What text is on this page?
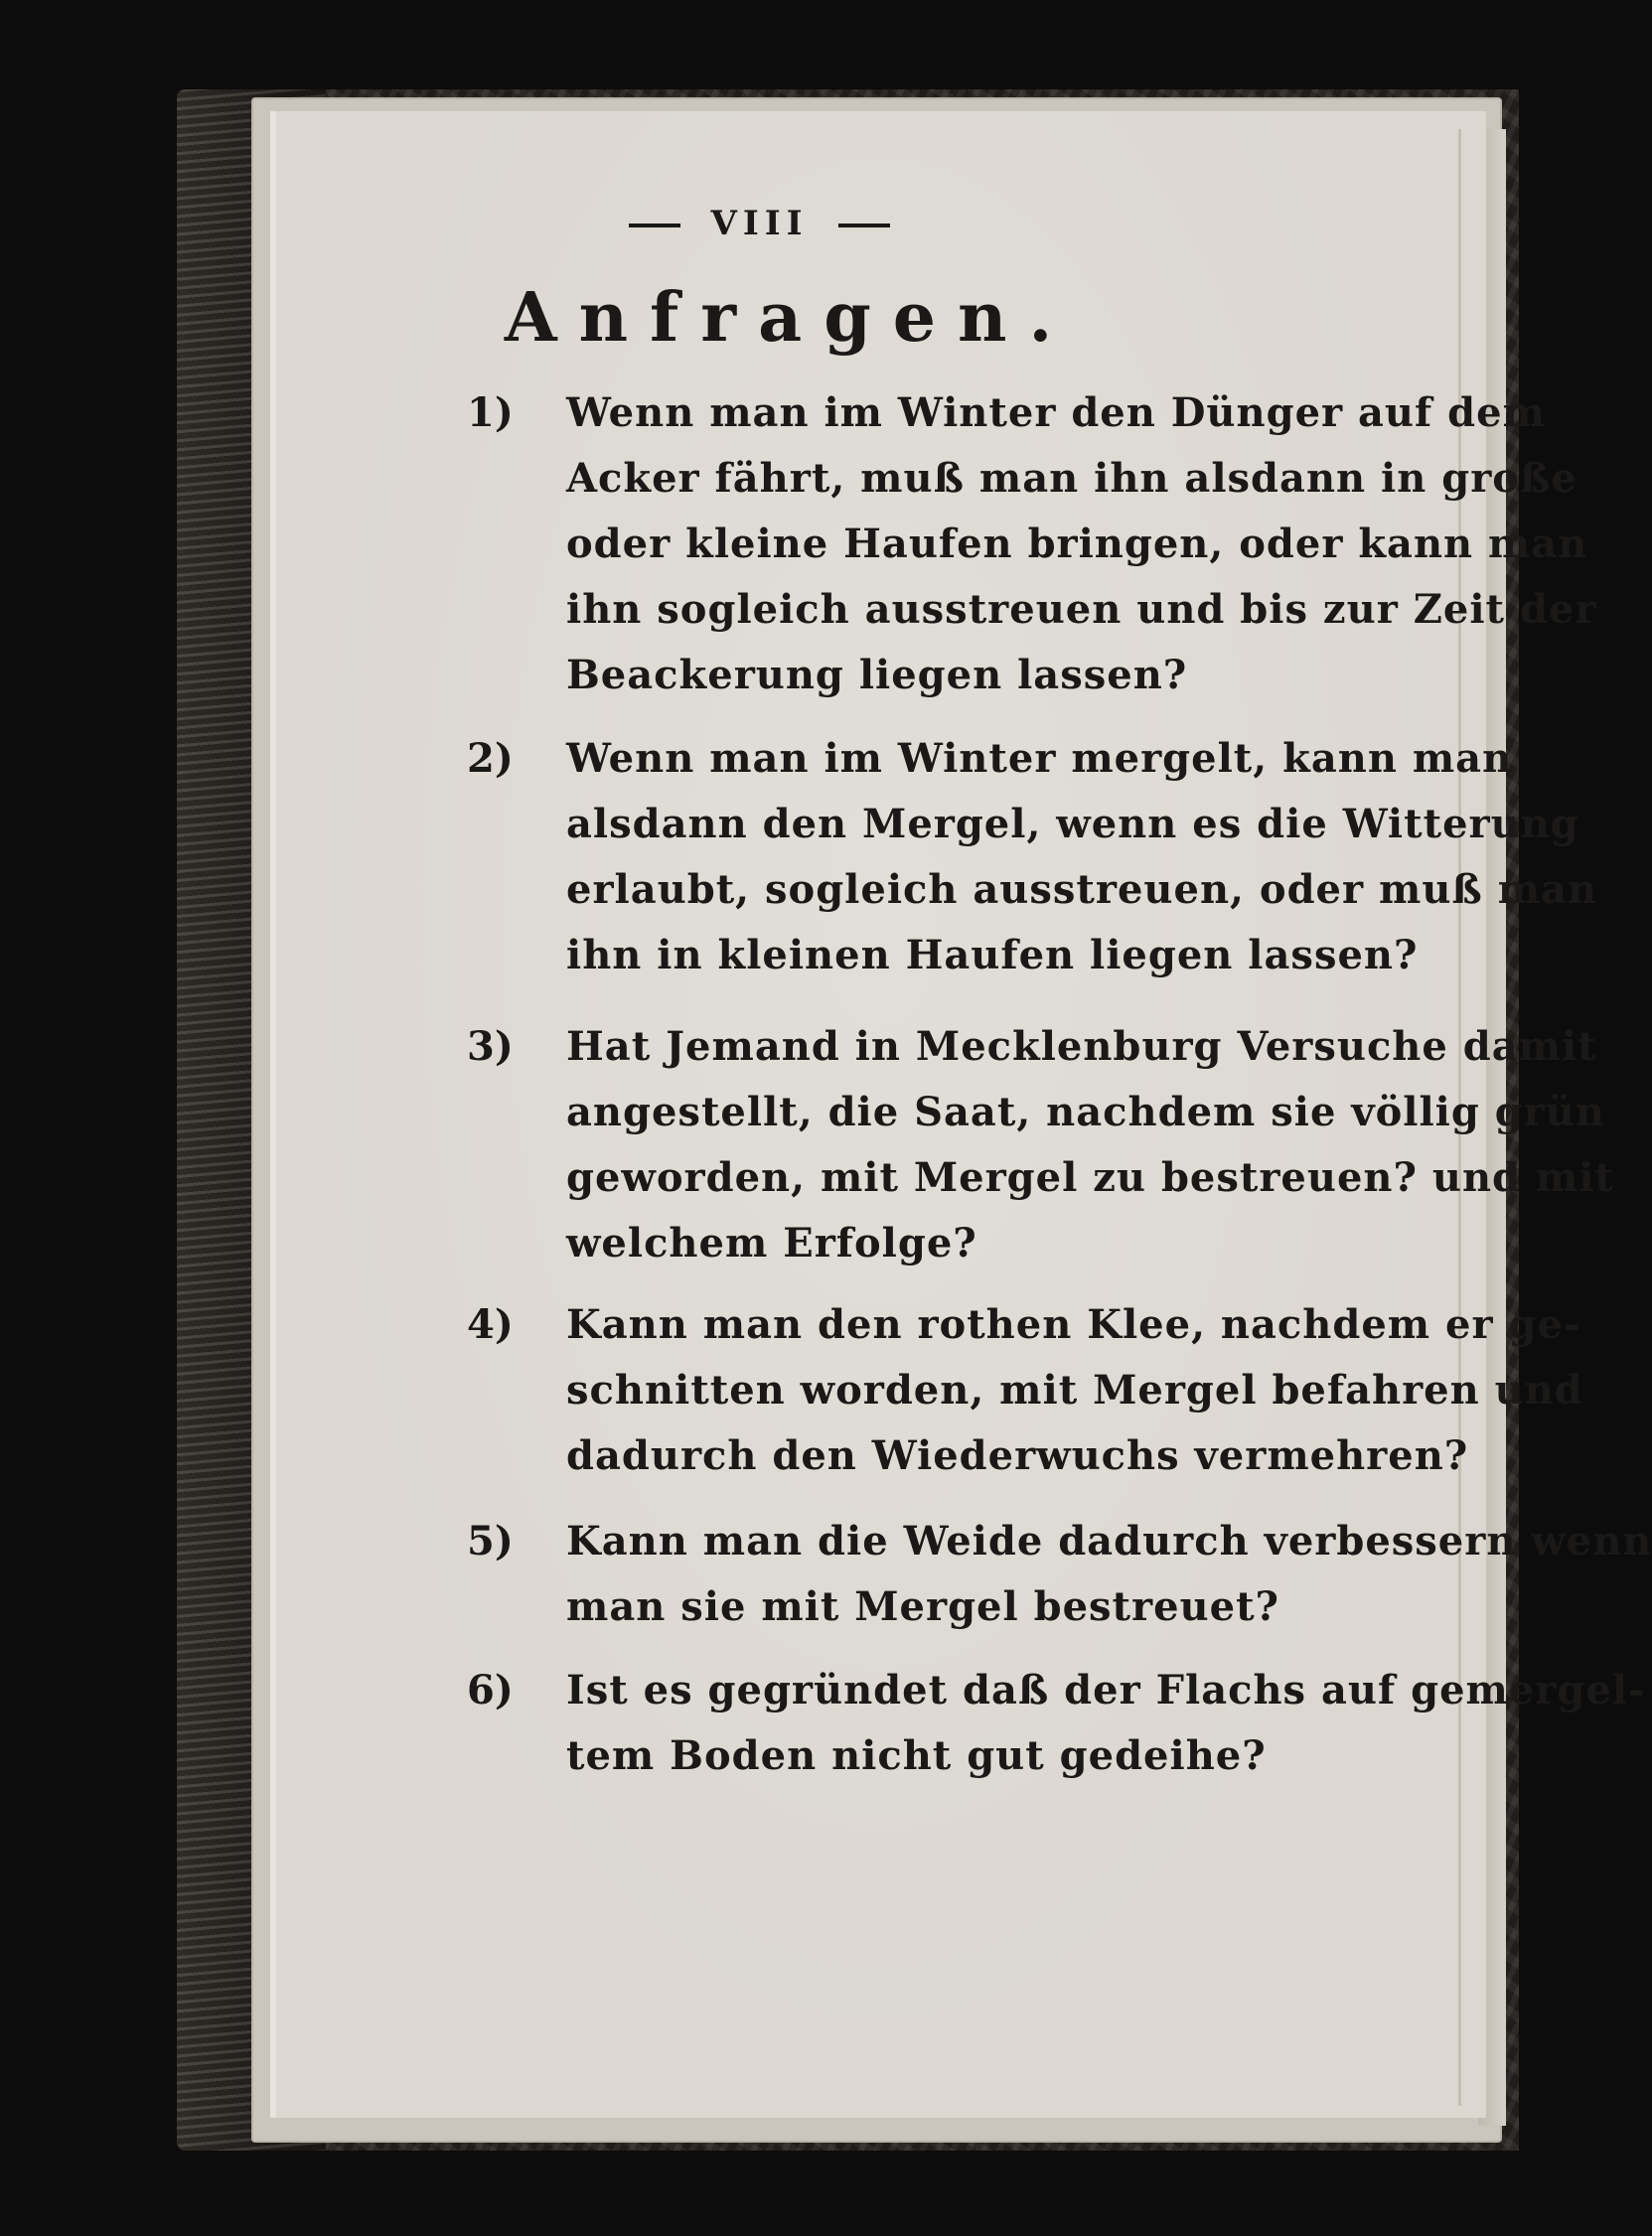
VIII
Anfragen.
1)	Wenn man im Winter den Dünger auf dem
Acker fährt, muß man ihn alsdann in große
oder kleine Haufen bringen, oder kann man
ihn sogleich ausstreuen und bis zur Zeit der
Beackerung liegen lassen?
2)	Wenn man im Winter mergelt, kann man
alsdann den Mergel, wenn es die Witterung
erlaubt, sogleich ausstreuen, oder muß man
ihn in kleinen Haufen liegen lassen?
3)	Hat Jemand in Mecklenburg Versuche damit
angestellt, die Saat, nachdem sie völlig grün
geworden, mit Mergel zu bestreuen? und mit
welchem Erfolge?
4)	Kann man den rothen Klee, nachdem er ge-
schnitten worden, mit Mergel befahren und
dadurch den Wiederwuchs vermehren?
5)	Kann man die Weide dadurch verbessern wenn
man sie mit Mergel bestreuet?
6)	Ist es gegründet daß der Flachs auf gemergel-
tem Boden nicht gut gedeihe?
